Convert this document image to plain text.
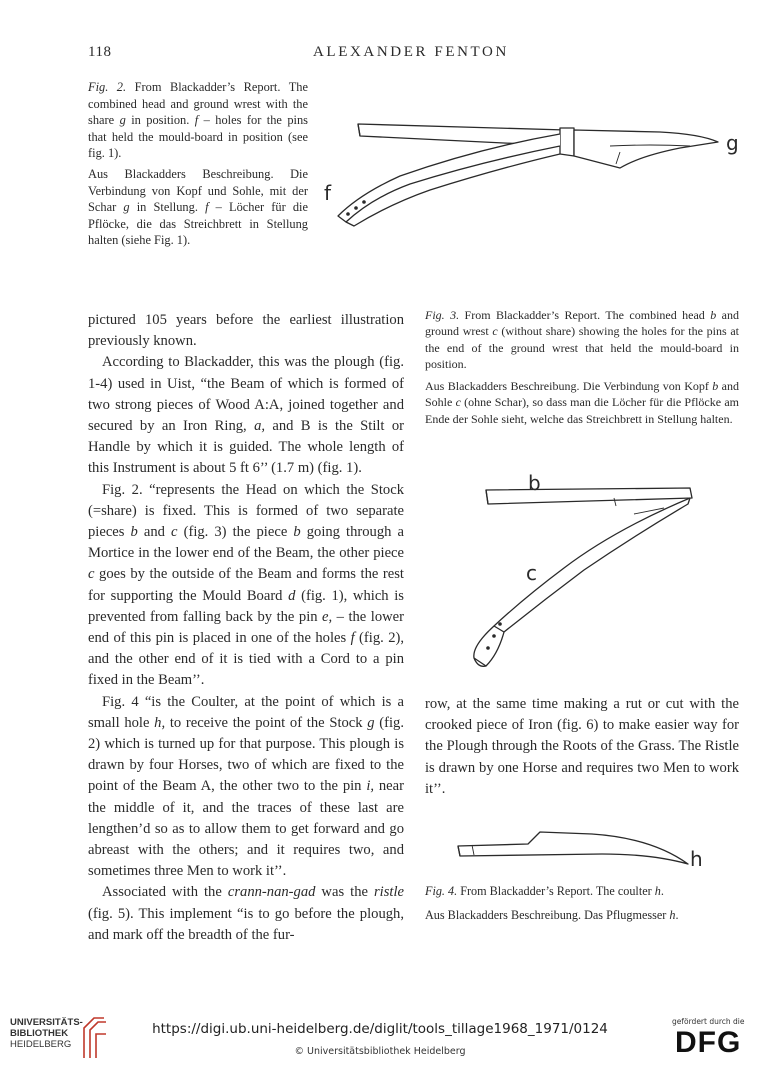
118	ALEXANDER FENTON

Fig. 2. From Blackadder’s Report. The combined head and ground wrest with the share g in position. f – holes for the pins that held the mould-board in position (see fig. 1).

Aus Blackadders Beschreibung. Die Verbindung von Kopf und Sohle, mit der Schar g in Stellung. f – Löcher für die Pflöcke, die das Streichbrett in Stellung halten (siehe Fig. 1).

f
g

pictured 105 years before the earliest illustration previously known.

According to Blackadder, this was the plough (fig. 1-4) used in Uist, “the Beam of which is formed of two strong pieces of Wood A:A, joined together and secured by an Iron Ring, a, and B is the Stilt or Handle by which it is guided. The whole length of this Instrument is about 5 ft 6’’ (1.7 m) (fig. 1).

Fig. 2. “represents the Head on which the Stock (=share) is fixed. This is formed of two separate pieces b and c (fig. 3) the piece b going through a Mortice in the lower end of the Beam, the other piece c goes by the outside of the Beam and forms the rest for supporting the Mould Board d (fig. 1), which is prevented from falling back by the pin e, – the lower end of this pin is placed in one of the holes f (fig. 2), and the other end of it is tied with a Cord to a pin fixed in the Beam’’.

Fig. 4 “is the Coulter, at the point of which is a small hole h, to receive the point of the Stock g (fig. 2) which is turned up for that purpose. This plough is drawn by four Horses, two of which are fixed to the point of the Beam A, the other two to the pin i, near the middle of it, and the traces of these last are lengthen’d so as to allow them to get forward and go abreast with the others; and it requires two, and sometimes three Men to work it’’.

Associated with the crann-nan-gad was the ristle (fig. 5). This implement “is to go before the plough, and mark off the breadth of the fur-

Fig. 3. From Blackadder’s Report. The combined head b and ground wrest c (without share) showing the holes for the pins at the end of the ground wrest that held the mould-board in position.

Aus Blackadders Beschreibung. Die Verbindung von Kopf b and Sohle c (ohne Schar), so dass man die Löcher für die Pflöcke am Ende der Sohle sieht, welche das Streichbrett in Stellung halten.

b
c

row, at the same time making a rut or cut with the crooked piece of Iron (fig. 6) to make easier way for the Plough through the Roots of the Grass. The Ristle is drawn by one Horse and requires two Men to work it’’.

h

Fig. 4. From Blackadder’s Report. The coulter h.

Aus Blackadders Beschreibung. Das Pflugmesser h.

UNIVERSITÄTS-
BIBLIOTHEK
HEIDELBERG
https://digi.ub.uni-heidelberg.de/diglit/tools_tillage1968_1971/0124
© Universitätsbibliothek Heidelberg
gefördert durch die
DFG
